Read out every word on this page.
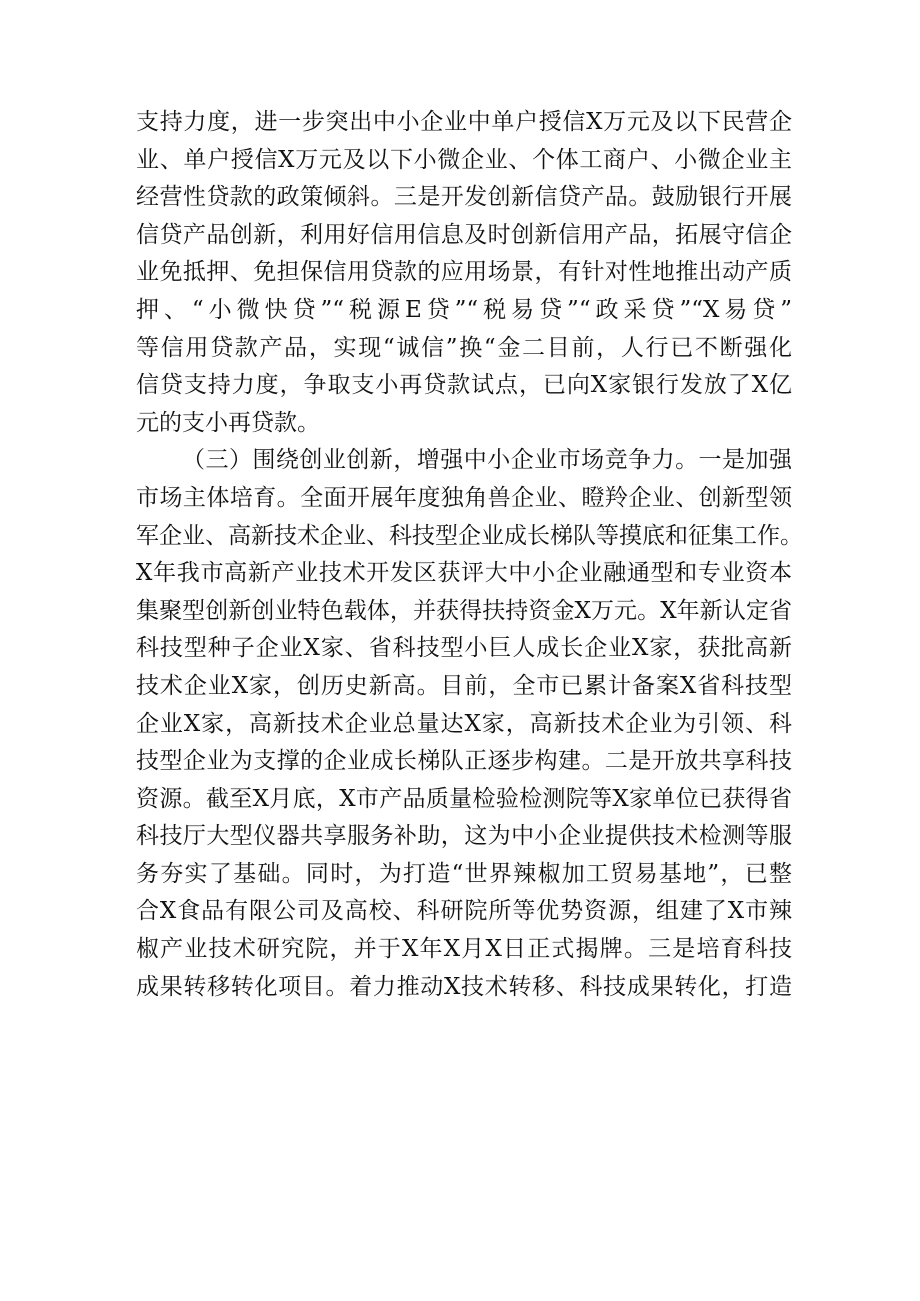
支持力度，进一步突出中小企业中单户授信X万元及以下民营企
业、单户授信X万元及以下小微企业、个体工商户、小微企业主
经营性贷款的政策倾斜。三是开发创新信贷产品。鼓励银行开展
信贷产品创新，利用好信用信息及时创新信用产品，拓展守信企
业免抵押、免担保信用贷款的应用场景，有针对性地推出动产质
押、“小微快贷”“税源E贷”“税易贷”“政采贷”“X易贷”
等信用贷款产品，实现“诚信”换“金二目前，人行已不断强化
信贷支持力度，争取支小再贷款试点，已向X家银行发放了X亿
元的支小再贷款。
（三）围绕创业创新，增强中小企业市场竞争力。一是加强
市场主体培育。全面开展年度独角兽企业、瞪羚企业、创新型领
军企业、高新技术企业、科技型企业成长梯队等摸底和征集工作。
X年我市高新产业技术开发区获评大中小企业融通型和专业资本
集聚型创新创业特色载体，并获得扶持资金X万元。X年新认定省
科技型种子企业X家、省科技型小巨人成长企业X家，获批高新
技术企业X家，创历史新高。目前，全市已累计备案X省科技型
企业X家，高新技术企业总量达X家，高新技术企业为引领、科
技型企业为支撑的企业成长梯队正逐步构建。二是开放共享科技
资源。截至X月底，X市产品质量检验检测院等X家单位已获得省
科技厅大型仪器共享服务补助，这为中小企业提供技术检测等服
务夯实了基础。同时，为打造“世界辣椒加工贸易基地”，已整
合X食品有限公司及高校、科研院所等优势资源，组建了X市辣
椒产业技术研究院，并于X年X月X日正式揭牌。三是培育科技
成果转移转化项目。着力推动X技术转移、科技成果转化，打造
